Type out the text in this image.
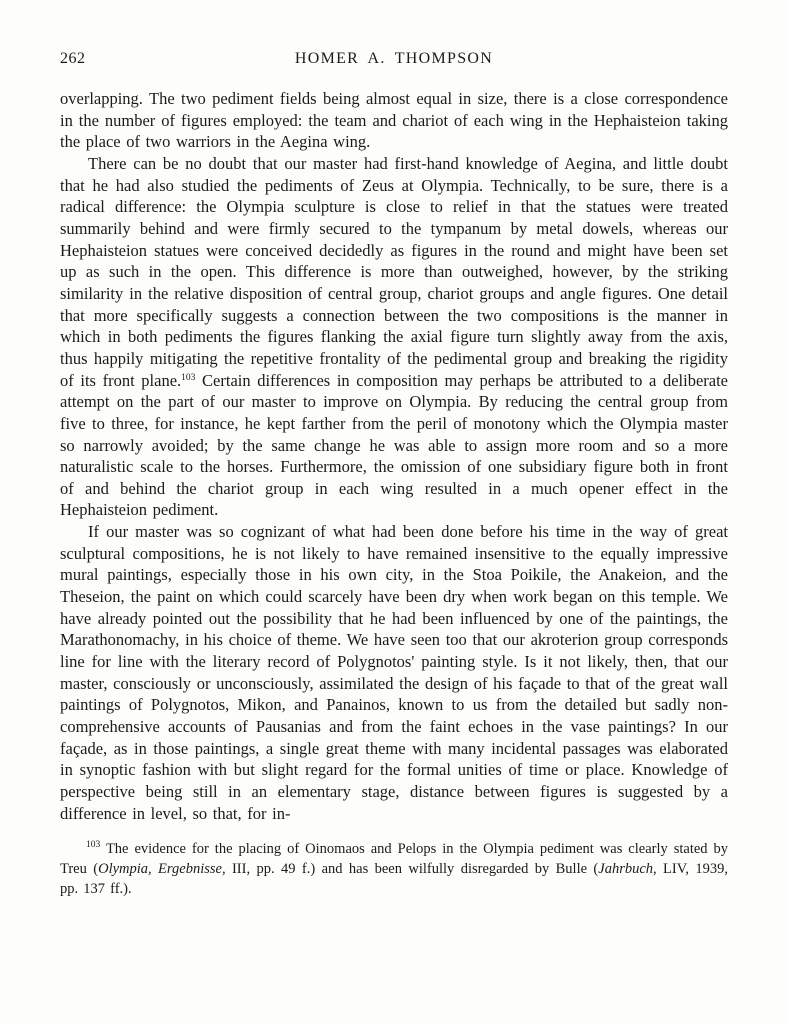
262	HOMER A. THOMPSON

overlapping. The two pediment fields being almost equal in size, there is a close correspondence in the number of figures employed: the team and chariot of each wing in the Hephaisteion taking the place of two warriors in the Aegina wing.

There can be no doubt that our master had first-hand knowledge of Aegina, and little doubt that he had also studied the pediments of Zeus at Olympia. Technically, to be sure, there is a radical difference: the Olympia sculpture is close to relief in that the statues were treated summarily behind and were firmly secured to the tympanum by metal dowels, whereas our Hephaisteion statues were conceived decidedly as figures in the round and might have been set up as such in the open. This difference is more than outweighed, however, by the striking similarity in the relative disposition of central group, chariot groups and angle figures. One detail that more specifically suggests a connection between the two compositions is the manner in which in both pediments the figures flanking the axial figure turn slightly away from the axis, thus happily mitigating the repetitive frontality of the pedimental group and breaking the rigidity of its front plane.$^{103}$ Certain differences in composition may perhaps be attributed to a deliberate attempt on the part of our master to improve on Olympia. By reducing the central group from five to three, for instance, he kept farther from the peril of monotony which the Olympia master so narrowly avoided; by the same change he was able to assign more room and so a more naturalistic scale to the horses. Furthermore, the omission of one subsidiary figure both in front of and behind the chariot group in each wing resulted in a much opener effect in the Hephaisteion pediment.

If our master was so cognizant of what had been done before his time in the way of great sculptural compositions, he is not likely to have remained insensitive to the equally impressive mural paintings, especially those in his own city, in the Stoa Poikile, the Anakeion, and the Theseion, the paint on which could scarcely have been dry when work began on this temple. We have already pointed out the possibility that he had been influenced by one of the paintings, the Marathonomachy, in his choice of theme. We have seen too that our akroterion group corresponds line for line with the literary record of Polygnotos' painting style. Is it not likely, then, that our master, consciously or unconsciously, assimilated the design of his façade to that of the great wall paintings of Polygnotos, Mikon, and Panainos, known to us from the detailed but sadly non-comprehensive accounts of Pausanias and from the faint echoes in the vase paintings? In our façade, as in those paintings, a single great theme with many incidental passages was elaborated in synoptic fashion with but slight regard for the formal unities of time or place. Knowledge of perspective being still in an elementary stage, distance between figures is suggested by a difference in level, so that, for in-

$^{103}$ The evidence for the placing of Oinomaos and Pelops in the Olympia pediment was clearly stated by Treu (Olympia, Ergebnisse, III, pp. 49 f.) and has been wilfully disregarded by Bulle (Jahrbuch, LIV, 1939, pp. 137 ff.).
